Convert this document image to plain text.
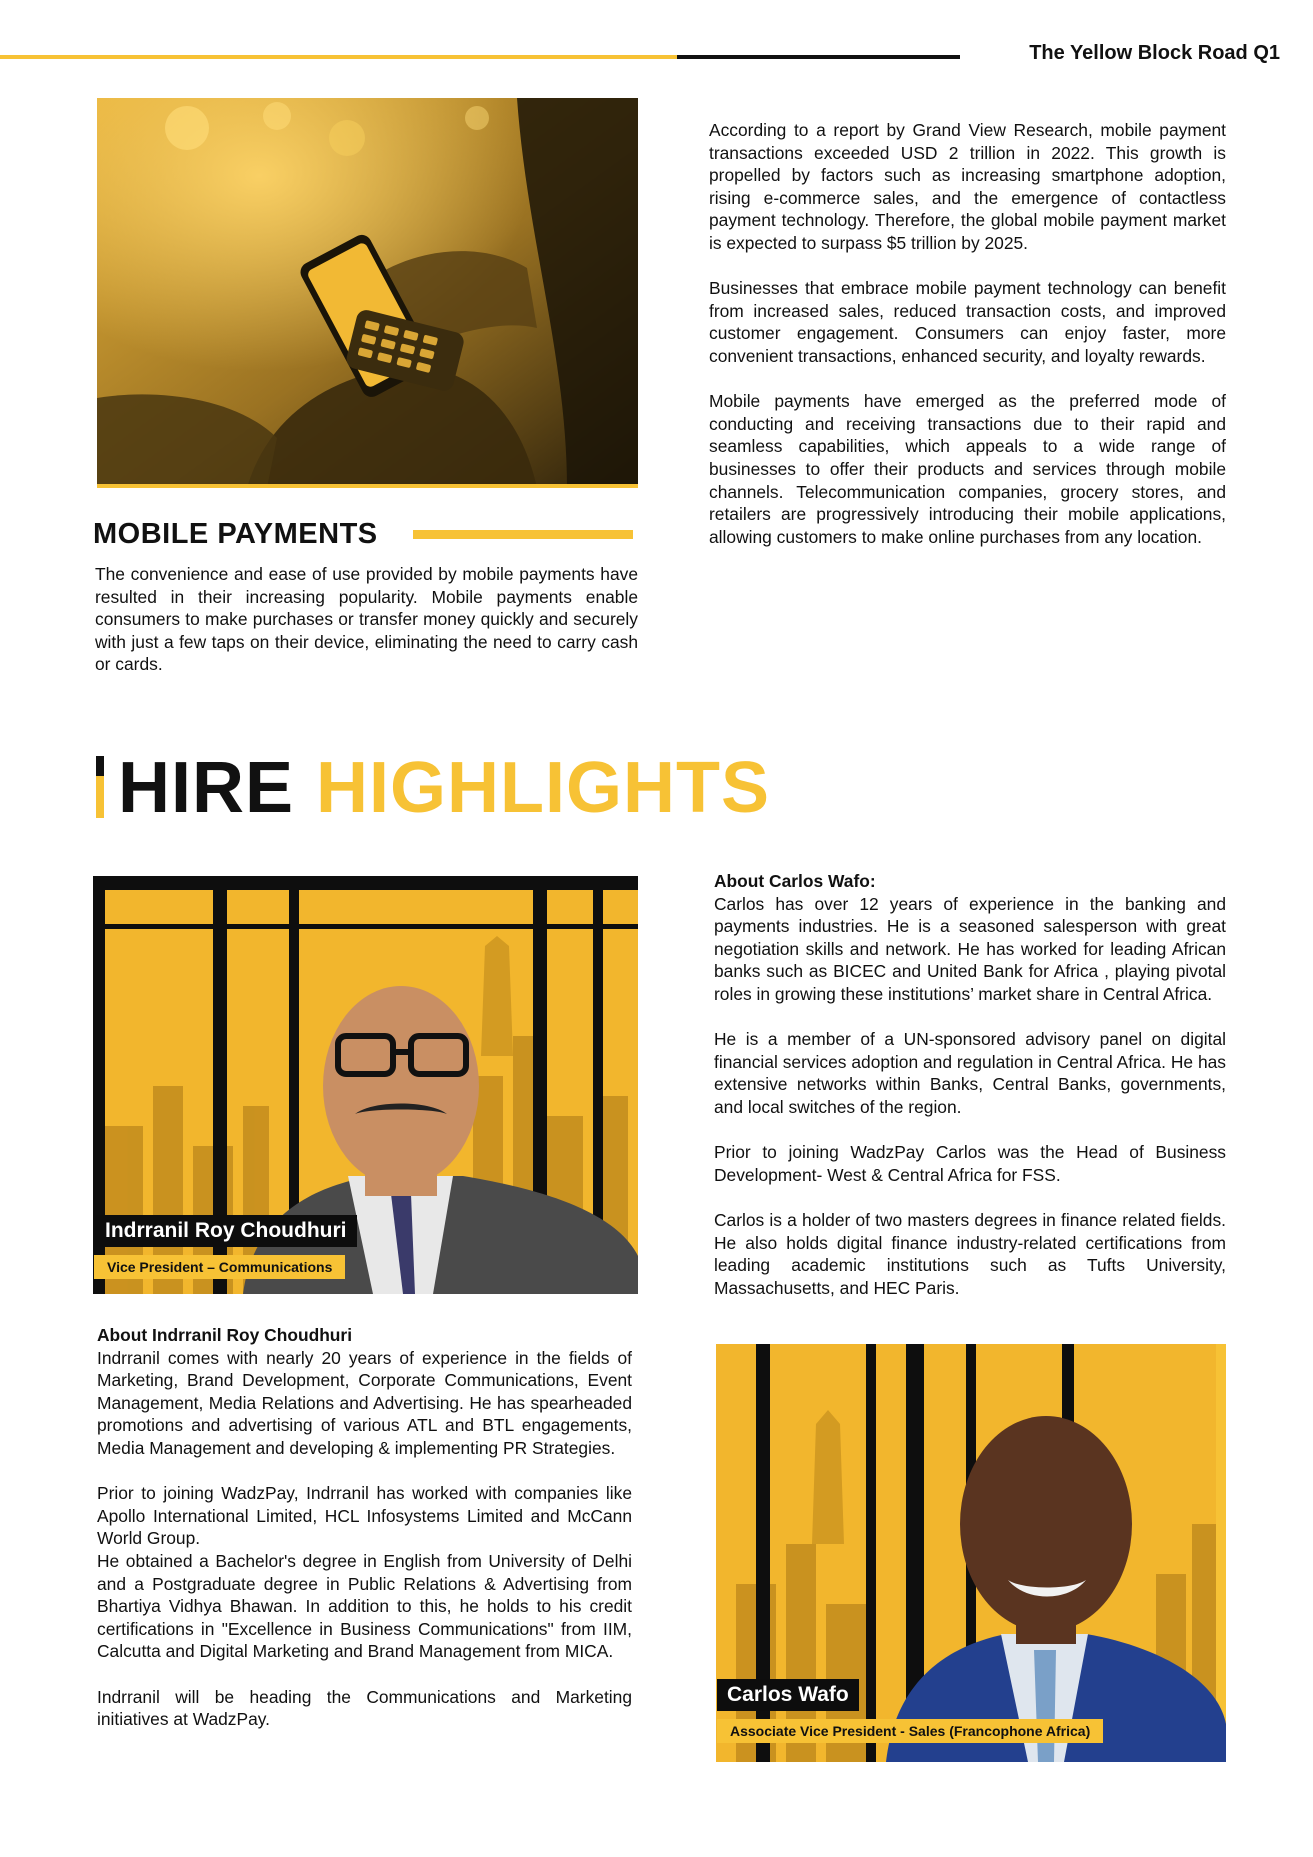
The Yellow Block Road Q1
MOBILE PAYMENTS

The convenience and ease of use provided by mobile payments have resulted in their increasing popularity. Mobile payments enable consumers to make purchases or transfer money quickly and securely with just a few taps on their device, eliminating the need to carry cash or cards.

According to a report by Grand View Research, mobile payment transactions exceeded USD 2 trillion in 2022. This growth is propelled by factors such as increasing smartphone adoption, rising e-commerce sales, and the emergence of contactless payment technology. Therefore, the global mobile payment market is expected to surpass $5 trillion by 2025.

Businesses that embrace mobile payment technology can benefit from increased sales, reduced transaction costs, and improved customer engagement. Consumers can enjoy faster, more convenient transactions, enhanced security, and loyalty rewards.

Mobile payments have emerged as the preferred mode of conducting and receiving transactions due to their rapid and seamless capabilities, which appeals to a wide range of businesses to offer their products and services through mobile channels. Telecommunication companies, grocery stores, and retailers are progressively introducing their mobile applications, allowing customers to make online purchases from any location.

HIRE HIGHLIGHTS
Indrranil Roy Choudhuri
Vice President – Communications

About Indrranil Roy Choudhuri

Indrranil comes with nearly 20 years of experience in the fields of Marketing, Brand Development, Corporate Communications, Event Management, Media Relations and Advertising. He has spearheaded promotions and advertising of various ATL and BTL engagements, Media Management and developing & implementing PR Strategies.

Prior to joining WadzPay, Indrranil has worked with companies like Apollo International Limited, HCL Infosystems Limited and McCann World Group.

He obtained a Bachelor's degree in English from University of Delhi and a Postgraduate degree in Public Relations & Advertising from Bhartiya Vidhya Bhawan. In addition to this, he holds to his credit certifications in "Excellence in Business Communications" from IIM, Calcutta and Digital Marketing and Brand Management from MICA.

Indrranil will be heading the Communications and Marketing initiatives at WadzPay.

About Carlos Wafo:

Carlos has over 12 years of experience in the banking and payments industries. He is a seasoned salesperson with great negotiation skills and network. He has worked for leading African banks such as BICEC and United Bank for Africa , playing pivotal roles in growing these institutions’ market share in Central Africa.

He is a member of a UN-sponsored advisory panel on digital financial services adoption and regulation in Central Africa. He has extensive networks within Banks, Central Banks, governments, and local switches of the region.

Prior to joining WadzPay Carlos was the Head of Business Development- West & Central Africa for FSS.

Carlos is a holder of two masters degrees in finance related fields. He also holds digital finance industry-related certifications from leading academic institutions such as Tufts University, Massachusetts, and HEC Paris.

Carlos Wafo
Associate Vice President - Sales (Francophone Africa)
